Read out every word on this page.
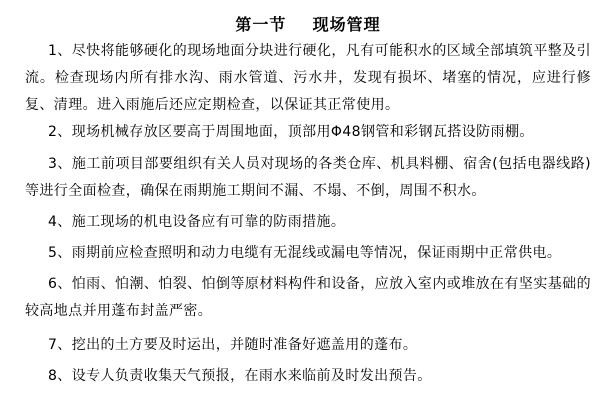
第一节    现场管理

1、尽快将能够硬化的现场地面分块进行硬化，凡有可能积水的区域全部填筑平整及引流。检查现场内所有排水沟、雨水管道、污水井，发现有损坏、堵塞的情况，应进行修复、清理。进入雨施后还应定期检查，以保证其正常使用。

2、现场机械存放区要高于周围地面，顶部用Φ48钢管和彩钢瓦搭设防雨棚。

3、施工前项目部要组织有关人员对现场的各类仓库、机具料棚、宿舍(包括电器线路)等进行全面检查，确保在雨期施工期间不漏、不塌、不倒，周围不积水。

4、施工现场的机电设备应有可靠的防雨措施。

5、雨期前应检查照明和动力电缆有无混线或漏电等情况，保证雨期中正常供电。

6、怕雨、怕潮、怕裂、怕倒等原材料构件和设备，应放入室内或堆放在有坚实基础的较高地点并用蓬布封盖严密。

7、挖出的土方要及时运出，并随时准备好遮盖用的蓬布。

8、设专人负责收集天气预报，在雨水来临前及时发出预告。
